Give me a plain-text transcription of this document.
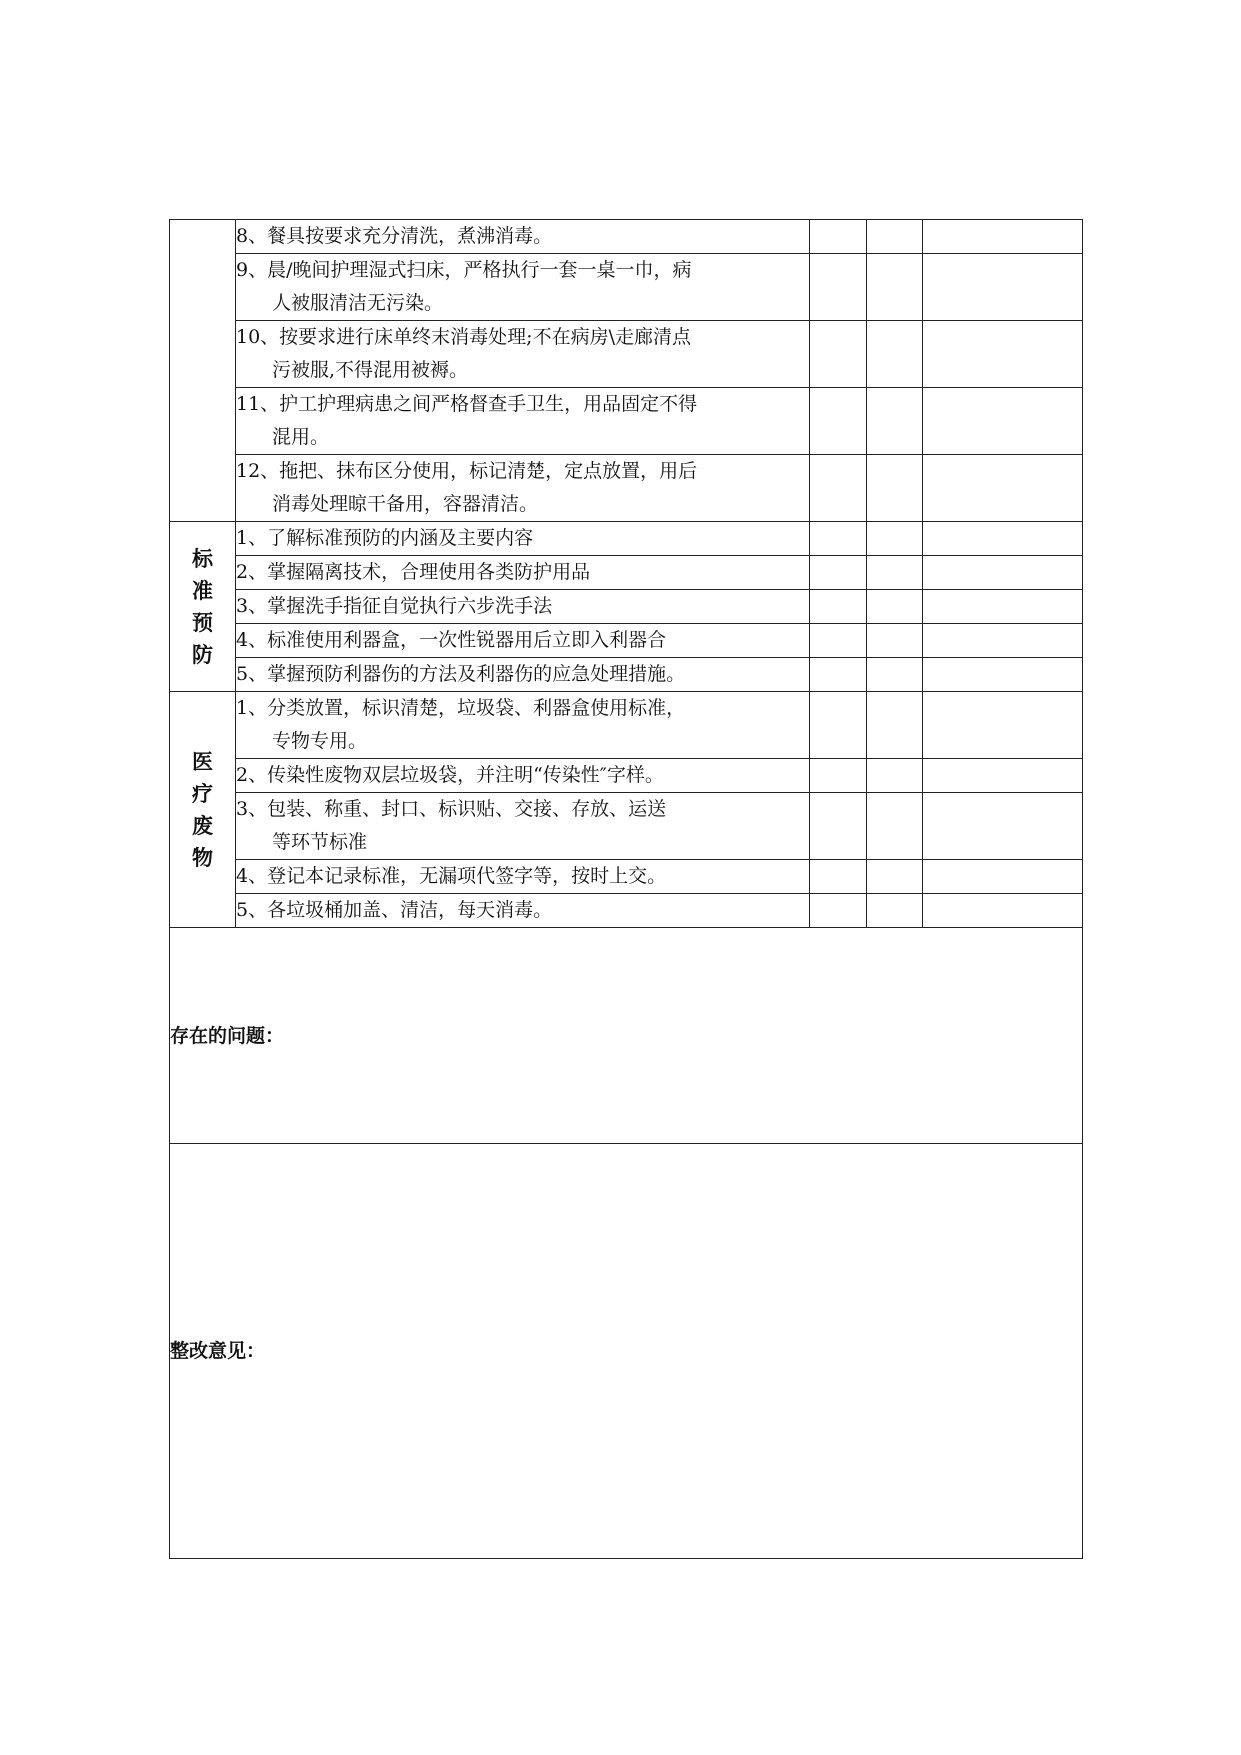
	8、餐具按要求充分清洗，煮沸消毒。			

	9、晨/晚间护理湿式扫床，严格执行一套一桌一巾，病
人被服清洁无污染。			

	10、按要求进行床单终末消毒处理;不在病房\走廊清点
污被服,不得混用被褥。			

	11、护工护理病患之间严格督查手卫生，用品固定不得
混用。			

	12、拖把、抹布区分使用，标记清楚，定点放置，用后
消毒处理晾干备用，容器清洁。			

标
准
预
防	1、了解标准预防的内涵及主要内容			

	2、掌握隔离技术，合理使用各类防护用品			

	3、掌握洗手指征自觉执行六步洗手法			

	4、标准使用利器盒，一次性锐器用后立即入利器合			

	5、掌握预防利器伤的方法及利器伤的应急处理措施。			

医
疗
废
物	1、分类放置，标识清楚，垃圾袋、利器盒使用标准，
专物专用。			

	2、传染性废物双层垃圾袋，并注明“传染性″字样。			

	3、包装、称重、封口、标识贴、交接、存放、运送
等环节标准			

	4、登记本记录标准，无漏项代签字等，按时上交。			

	5、各垃圾桶加盖、清洁，每天消毒。			

存在的问题：				
整改意见：				
